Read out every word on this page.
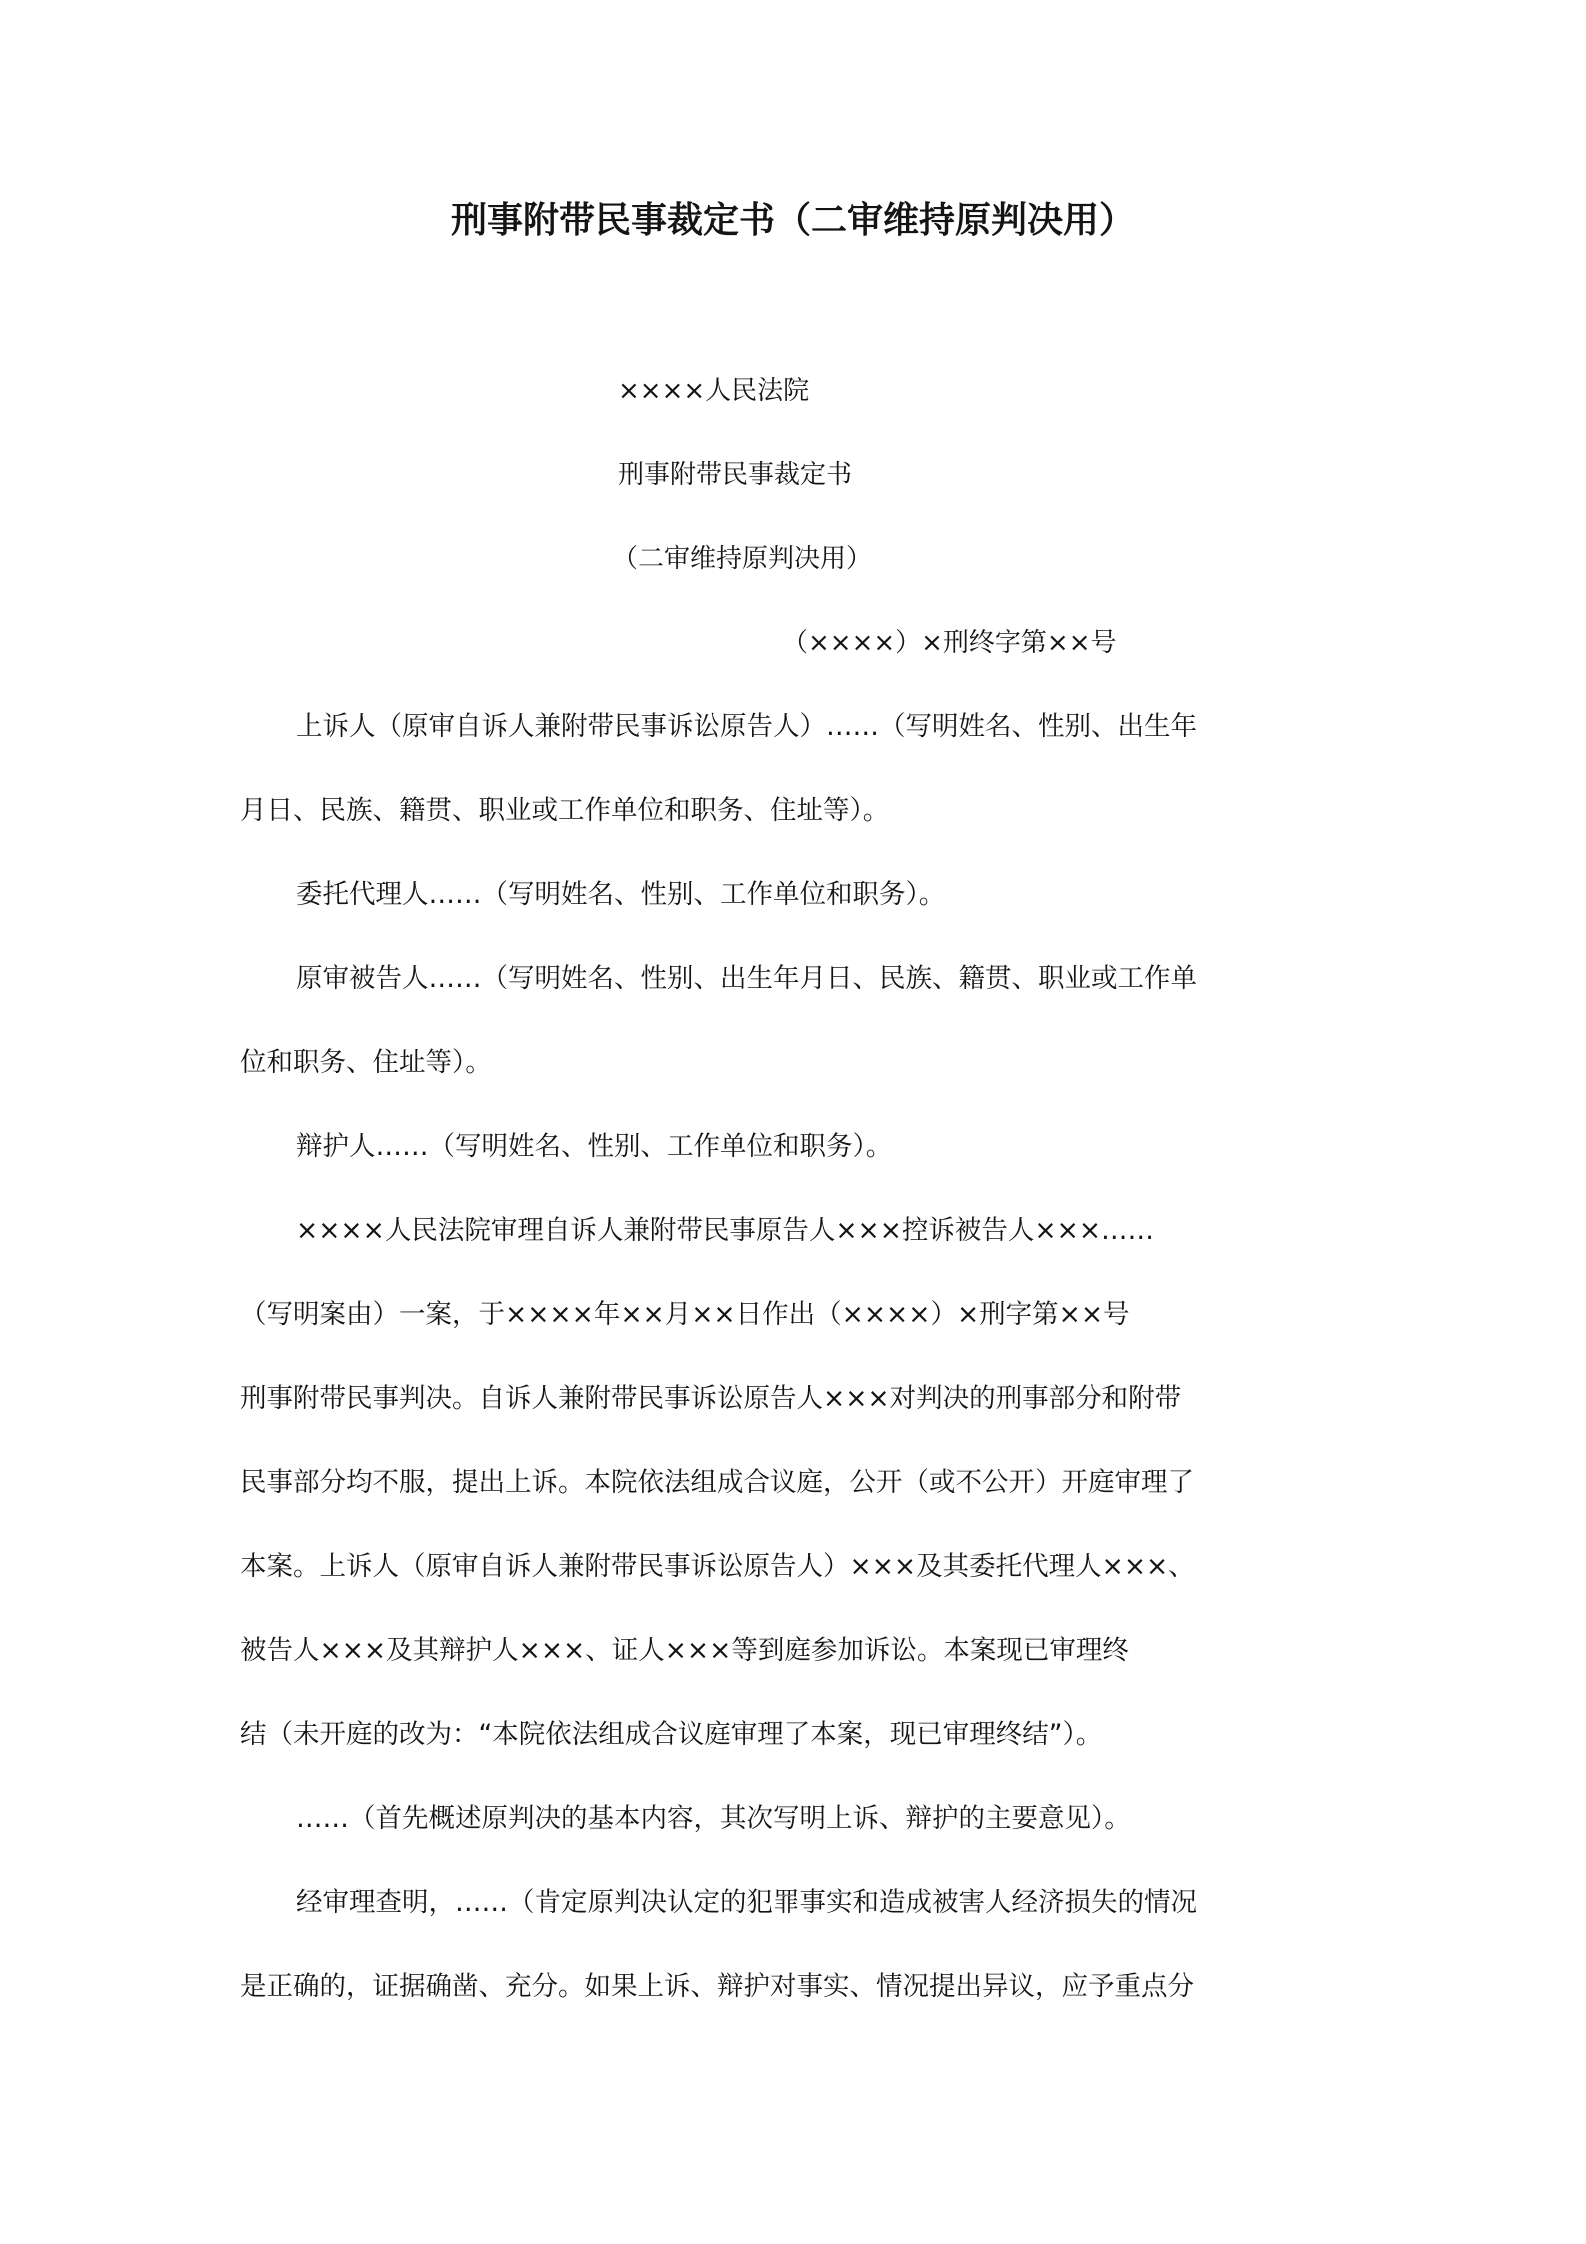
刑事附带民事裁定书（二审维持原判决用）
××××人民法院
刑事附带民事裁定书
（二审维持原判决用）
（××××）×刑终字第××号
上诉人（原审自诉人兼附带民事诉讼原告人）……（写明姓名、性别、出生年
月日、民族、籍贯、职业或工作单位和职务、住址等）。
委托代理人……（写明姓名、性别、工作单位和职务）。
原审被告人……（写明姓名、性别、出生年月日、民族、籍贯、职业或工作单
位和职务、住址等）。
辩护人……（写明姓名、性别、工作单位和职务）。
××××人民法院审理自诉人兼附带民事原告人×××控诉被告人×××……
（写明案由）一案，于××××年××月××日作出（××××）×刑字第××号
刑事附带民事判决。自诉人兼附带民事诉讼原告人×××对判决的刑事部分和附带
民事部分均不服，提出上诉。本院依法组成合议庭，公开（或不公开）开庭审理了
本案。上诉人（原审自诉人兼附带民事诉讼原告人）×××及其委托代理人×××、
被告人×××及其辩护人×××、证人×××等到庭参加诉讼。本案现已审理终
结（未开庭的改为：“本院依法组成合议庭审理了本案，现已审理终结”）。
……（首先概述原判决的基本内容，其次写明上诉、辩护的主要意见）。
经审理查明，……（肯定原判决认定的犯罪事实和造成被害人经济损失的情况
是正确的，证据确凿、充分。如果上诉、辩护对事实、情况提出异议，应予重点分
